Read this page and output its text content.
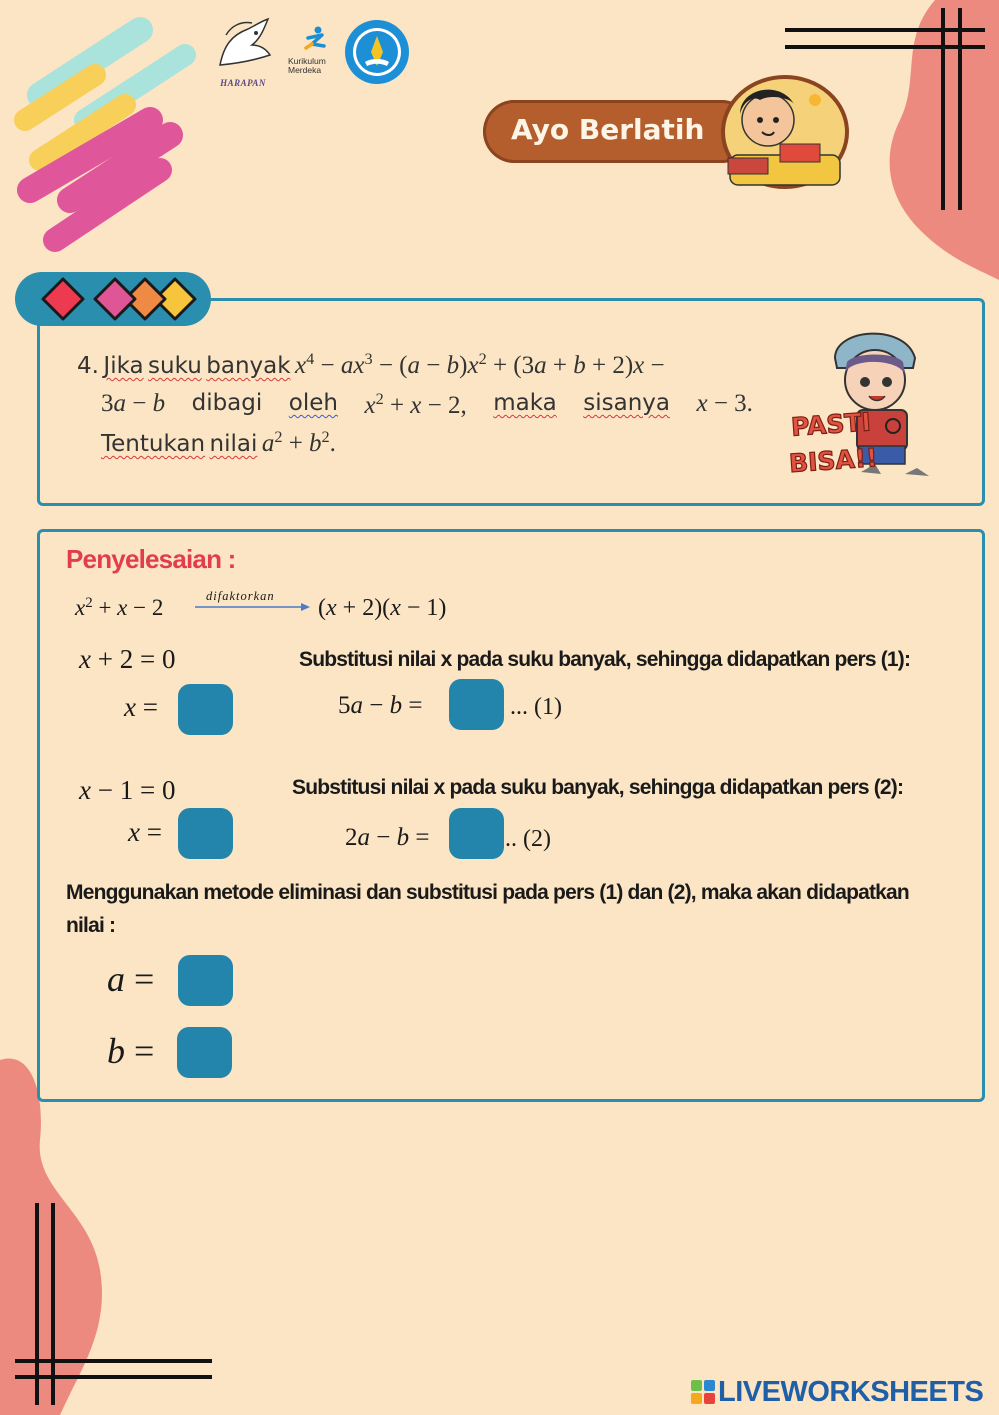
HARAPAN
Kurikulum
Merdeka
Ayo Berlatih
4. Jika suku banyak $x^4 - ax^3 - (a - b)x^2 + (3a + b + 2)x$ −
3a − b dibagi oleh $x^2 + x - 2$, maka sisanya x − 3.
Tentukan nilai $a^2 + b^2$.
PASTI
BISA!!
Penyelesaian :
$x^2 + x - 2$	difaktorkan (x + 2)(x − 1)
x + 2 = 0
x =
Substitusi nilai x pada suku banyak, sehingga didapatkan pers (1):
5a − b =	... (1)
x − 1 = 0
x =
Substitusi nilai x pada suku banyak, sehingga didapatkan pers (2):
2a − b =	.. (2)
Menggunakan metode eliminasi dan substitusi pada pers (1) dan (2), maka akan didapatkan
nilai :
a =
b =
LIVEWORKSHEETS
